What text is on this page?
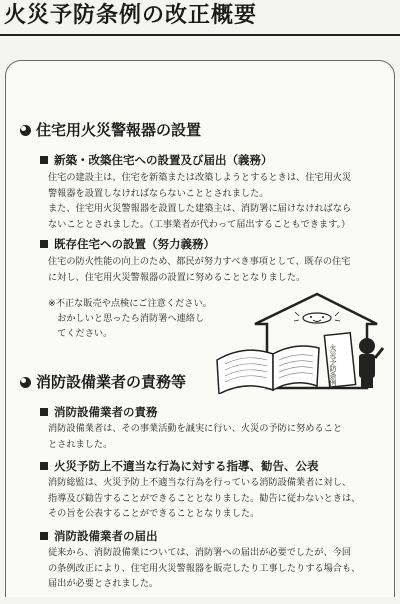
火災予防条例の改正概要
住宅用火災警報器の設置
新築・改築住宅への設置及び届出（義務）
住宅の建設主は、住宅を新築または改築しようとするときは、住宅用火災
警報器を設置しなければならないこととされました。
また、住宅用火災警報器を設置した建築主は、消防署に届けなければなら
ないこととされました。（工事業者が代わって届出することもできます。）
既存住宅への設置（努力義務）
住宅の防火性能の向上のため、都民が努力すべき事項として、既存の住宅
に対し、住宅用火災警報器の設置に努めることとなりました。
※不正な販売や点検にご注意ください。
　おかしいと思ったら消防署へ連絡し
　てください。
火災予防条例
消防設備業者の責務等
消防設備業者の責務
消防設備業者は、その事業活動を誠実に行い、火災の予防に努めること
とされました。
火災予防上不適当な行為に対する指導、勧告、公表
消防総監は、火災予防上不適当な行為を行っている消防設備業者に対し、
指導及び勧告することができることとなりました。勧告に従わないときは、
その旨を公表することができることとなりました。
消防設備業者の届出
従来から、消防設備業については、消防署への届出が必要でしたが、今回
の条例改正により、住宅用火災警報器を販売したり工事したりする場合も、
届出が必要とされました。
